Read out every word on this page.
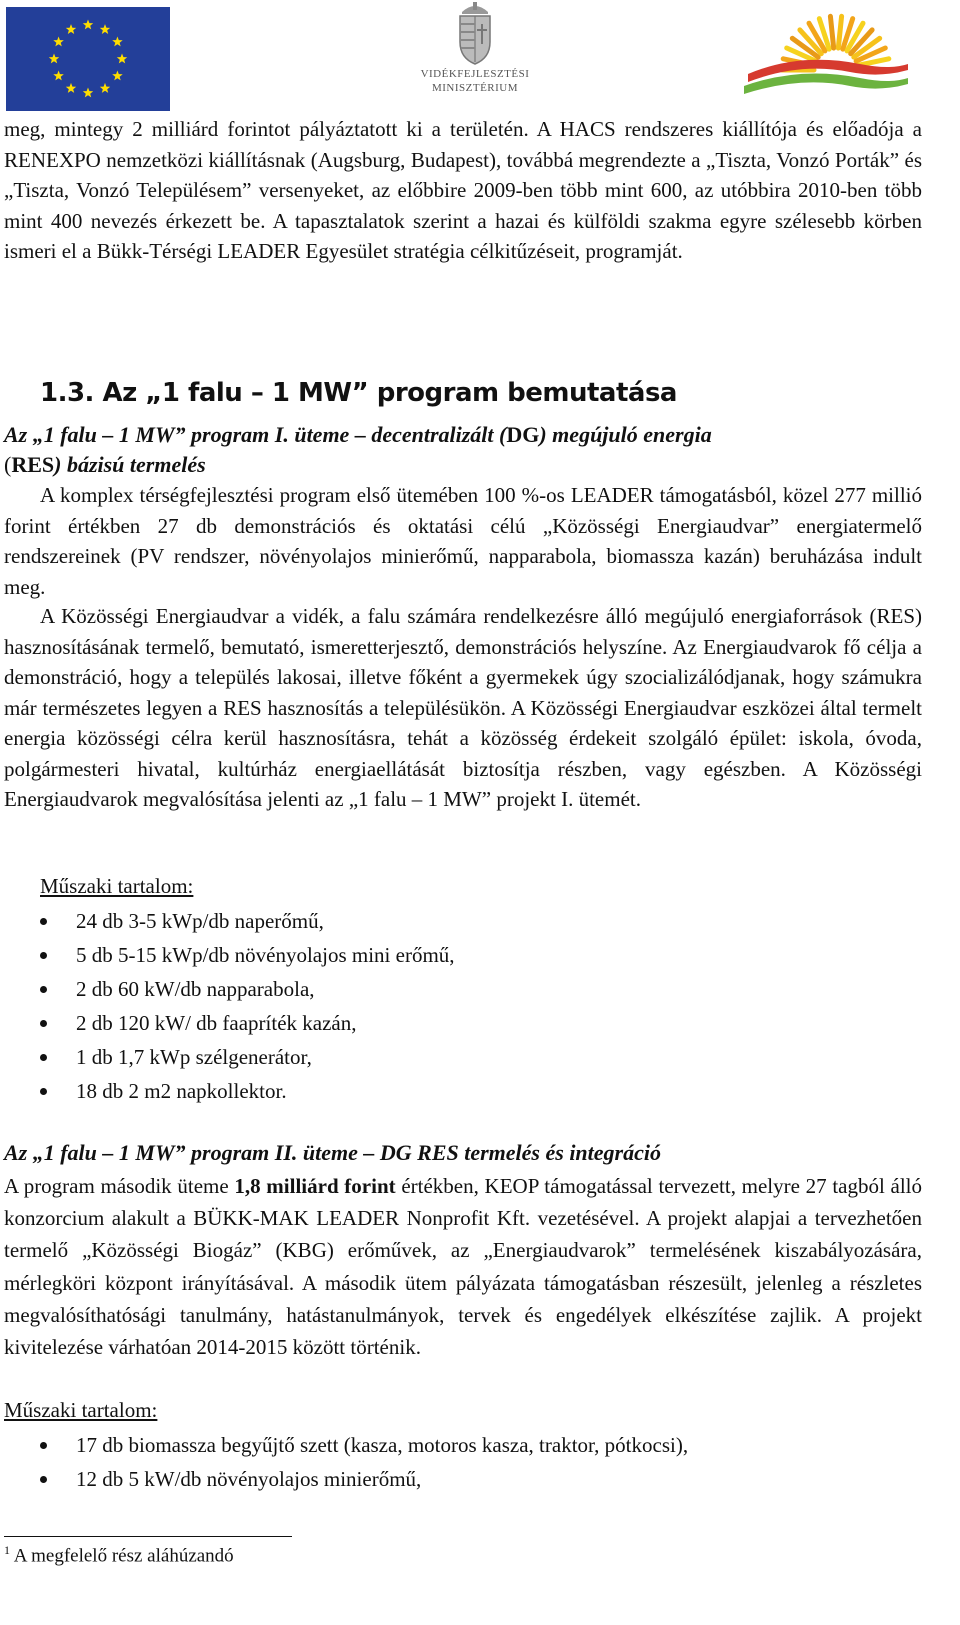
VIDÉKFEJLESZTÉSI
MINISZTÉRIUM

meg, mintegy 2 milliárd forintot pályáztatott ki a területén. A HACS rendszeres kiállítója és előadója a RENEXPO nemzetközi kiállításnak (Augsburg, Budapest), továbbá megrendezte a „Tiszta, Vonzó Porták” és „Tiszta, Vonzó Településem” versenyeket, az előbbire 2009-ben több mint 600, az utóbbira 2010-ben több mint 400 nevezés érkezett be. A tapasztalatok szerint a hazai és külföldi szakma egyre szélesebb körben ismeri el a Bükk-Térségi LEADER Egyesület stratégia célkitűzéseit, programját.

1.3. Az „1 falu – 1 MW” program bemutatása

Az „1 falu – 1 MW” program I. üteme – decentralizált (DG) megújuló energia
(RES) bázisú termelés

A komplex térségfejlesztési program első ütemében 100 %-os LEADER támogatásból, közel 277 millió forint értékben 27 db demonstrációs és oktatási célú „Közösségi Energiaudvar” energiatermelő rendszereinek (PV rendszer, növényolajos minierőmű, napparabola, biomassza kazán) beruházása indult meg.

A Közösségi Energiaudvar a vidék, a falu számára rendelkezésre álló megújuló energiaforrások (RES) hasznosításának termelő, bemutató, ismeretterjesztő, demonstrációs helyszíne. Az Energiaudvarok fő célja a demonstráció, hogy a település lakosai, illetve főként a gyermekek úgy szocializálódjanak, hogy számukra már természetes legyen a RES hasznosítás a településükön. A Közösségi Energiaudvar eszközei által termelt energia közösségi célra kerül hasznosításra, tehát a közösség érdekeit szolgáló épület: iskola, óvoda, polgármesteri hivatal, kultúrház energiaellátását biztosítja részben, vagy egészben. A Közösségi Energiaudvarok megvalósítása jelenti az „1 falu – 1 MW” projekt I. ütemét.

Műszaki tartalom:
24 db 3-5 kWp/db naperőmű,
5 db 5-15 kWp/db növényolajos mini erőmű,
2 db 60 kW/db napparabola,
2 db 120 kW/ db faapríték kazán,
1 db 1,7 kWp szélgenerátor,
18 db 2 m2 napkollektor.

Az „1 falu – 1 MW” program II. üteme – DG RES termelés és integráció

A program második üteme 1,8 milliárd forint értékben, KEOP támogatással tervezett, melyre 27 tagból álló konzorcium alakult a BÜKK-MAK LEADER Nonprofit Kft. vezetésével. A projekt alapjai a tervezhetően termelő „Közösségi Biogáz” (KBG) erőművek, az „Energiaudvarok” termelésének kiszabályozására, mérlegköri központ irányításával. A második ütem pályázata támogatásban részesült, jelenleg a részletes megvalósíthatósági tanulmány, hatástanulmányok, tervek és engedélyek elkészítése zajlik. A projekt kivitelezése várhatóan 2014-2015 között történik.

Műszaki tartalom:
17 db biomassza begyűjtő szett (kasza, motoros kasza, traktor, pótkocsi),
12 db 5 kW/db növényolajos minierőmű,
$^1$ A megfelelő rész aláhúzandó
